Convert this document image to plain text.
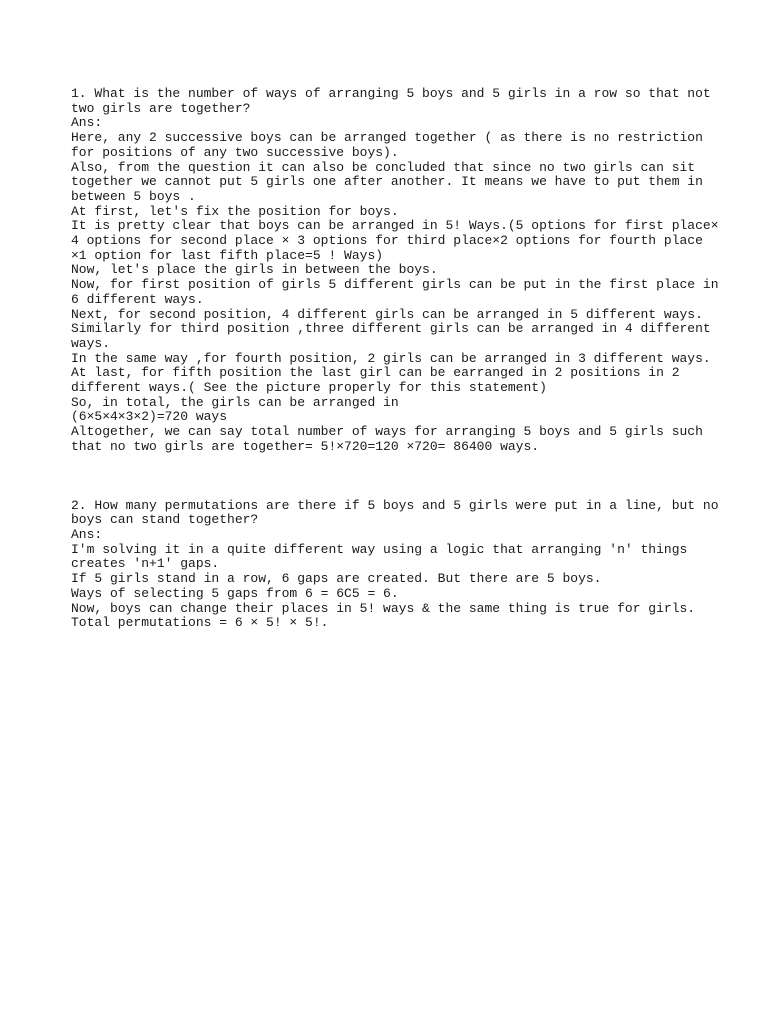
1. What is the number of ways of arranging 5 boys and 5 girls in a row so that not
two girls are together?
Ans:
Here, any 2 successive boys can be arranged together ( as there is no restriction
for positions of any two successive boys).
Also, from the question it can also be concluded that since no two girls can sit
together we cannot put 5 girls one after another. It means we have to put them in
between 5 boys .
At first, let's fix the position for boys.
It is pretty clear that boys can be arranged in 5! Ways.(5 options for first place×
4 options for second place × 3 options for third place×2 options for fourth place
×1 option for last fifth place=5 ! Ways)
Now, let's place the girls in between the boys.
Now, for first position of girls 5 different girls can be put in the first place in
6 different ways.
Next, for second position, 4 different girls can be arranged in 5 different ways.
Similarly for third position ,three different girls can be arranged in 4 different
ways.
In the same way ,for fourth position, 2 girls can be arranged in 3 different ways.
At last, for fifth position the last girl can be earranged in 2 positions in 2
different ways.( See the picture properly for this statement)
So, in total, the girls can be arranged in
(6×5×4×3×2)=720 ways
Altogether, we can say total number of ways for arranging 5 boys and 5 girls such
that no two girls are together= 5!×720=120 ×720= 86400 ways.
2. How many permutations are there if 5 boys and 5 girls were put in a line, but no
boys can stand together?
Ans:
I'm solving it in a quite different way using a logic that arranging 'n' things
creates 'n+1' gaps.
If 5 girls stand in a row, 6 gaps are created. But there are 5 boys.
Ways of selecting 5 gaps from 6 = 6C5 = 6.
Now, boys can change their places in 5! ways & the same thing is true for girls.
Total permutations = 6 × 5! × 5!.
